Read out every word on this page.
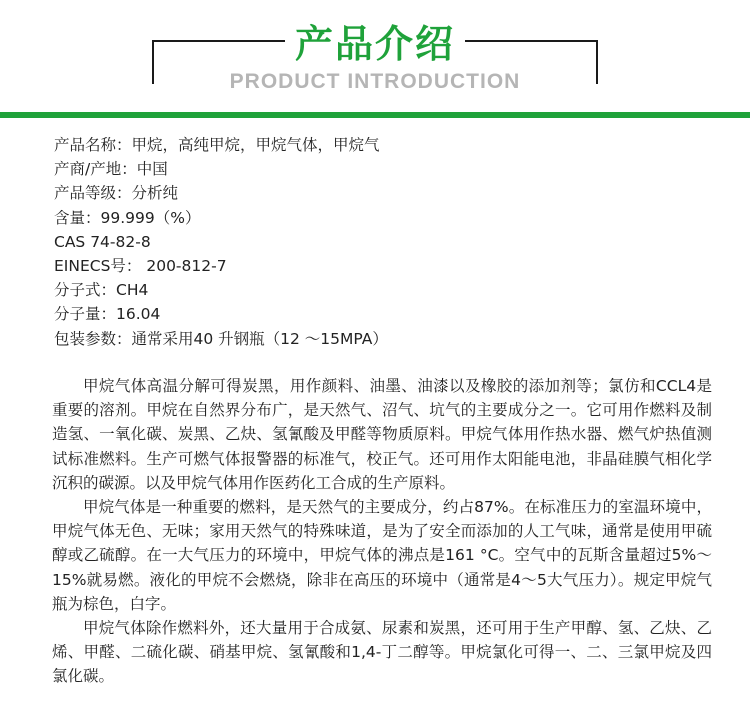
产品介绍
PRODUCT INTRODUCTION
产品名称：甲烷，高纯甲烷，甲烷气体，甲烷气
产商/产地：中国
产品等级：分析纯
含量：99.999（%）
CAS 74-82-8
EINECS号： 200-812-7
分子式：CH4
分子量：16.04
包装参数：通常采用40 升钢瓶（12 ～15MPA）

甲烷气体高温分解可得炭黑，用作颜料、油墨、油漆以及橡胶的添加剂等；氯仿和CCL4是重要的溶剂。甲烷在自然界分布广，是天然气、沼气、坑气的主要成分之一。它可用作燃料及制造氢、一氧化碳、炭黑、乙炔、氢氰酸及甲醛等物质原料。甲烷气体用作热水器、燃气炉热值测试标准燃料。生产可燃气体报警器的标准气，校正气。还可用作太阳能电池，非晶硅膜气相化学沉积的碳源。以及甲烷气体用作医药化工合成的生产原料。

甲烷气体是一种重要的燃料，是天然气的主要成分，约占87%。在标准压力的室温环境中，甲烷气体无色、无味；家用天然气的特殊味道，是为了安全而添加的人工气味，通常是使用甲硫醇或乙硫醇。在一大气压力的环境中，甲烷气体的沸点是161 °C。空气中的瓦斯含量超过5%～15%就易燃。液化的甲烷不会燃烧，除非在高压的环境中（通常是4～5大气压力）。规定甲烷气瓶为棕色，白字。

甲烷气体除作燃料外，还大量用于合成氨、尿素和炭黑，还可用于生产甲醇、氢、乙炔、乙烯、甲醛、二硫化碳、硝基甲烷、氢氰酸和1,4-丁二醇等。甲烷氯化可得一、二、三氯甲烷及四氯化碳。
